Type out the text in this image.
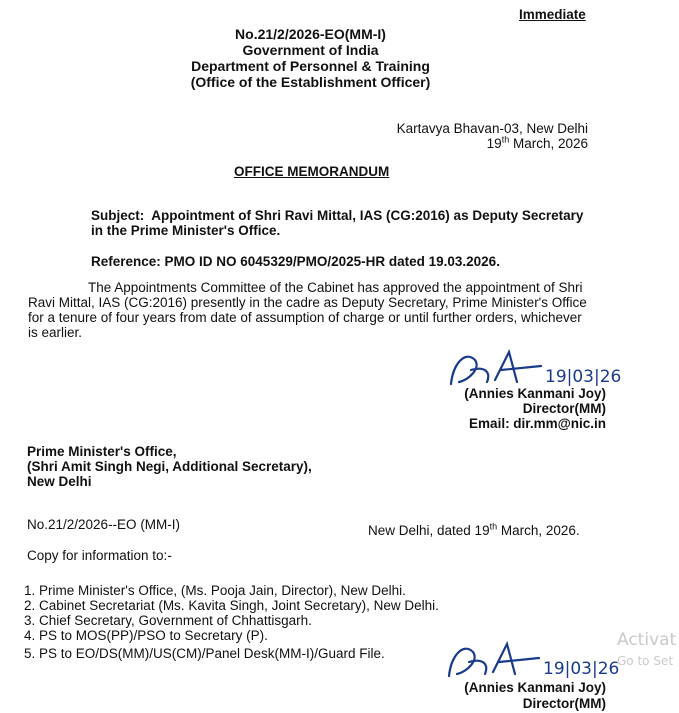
Immediate
No.21/2/2026-EO(MM-I)
Government of India
Department of Personnel & Training
(Office of the Establishment Officer)
Kartavya Bhavan-03, New Delhi
19th March, 2026
OFFICE MEMORANDUM
Subject: Appointment of Shri Ravi Mittal, IAS (CG:2016) as Deputy Secretary
in the Prime Minister's Office.
Reference: PMO ID NO 6045329/PMO/2025-HR dated 19.03.2026.
The Appointments Committee of the Cabinet has approved the appointment of Shri
Ravi Mittal, IAS (CG:2016) presently in the cadre as Deputy Secretary, Prime Minister's Office
for a tenure of four years from date of assumption of charge or until further orders, whichever
is earlier.
19|03|26
(Annies Kanmani Joy)
Director(MM)
Email: dir.mm@nic.in
Prime Minister's Office,
(Shri Amit Singh Negi, Additional Secretary),
New Delhi
No.21/2/2026--EO (MM-I)	New Delhi, dated 19th March, 2026.
Copy for information to:-
1. Prime Minister's Office, (Ms. Pooja Jain, Director), New Delhi.
2. Cabinet Secretariat (Ms. Kavita Singh, Joint Secretary), New Delhi.
3. Chief Secretary, Government of Chhattisgarh.
4. PS to MOS(PP)/PSO to Secretary (P).
5. PS to EO/DS(MM)/US(CM)/Panel Desk(MM-I)/Guard File.
Activat
Go to Set
19|03|26
(Annies Kanmani Joy)
Director(MM)
